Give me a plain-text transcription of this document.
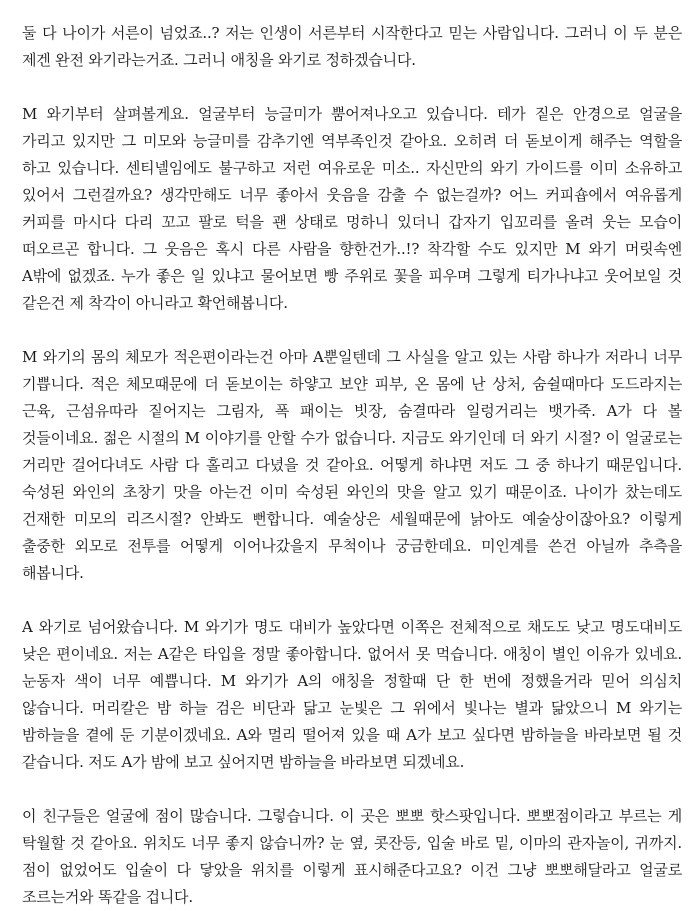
둘 다 나이가 서른이 넘었죠..? 저는 인생이 서른부터 시작한다고 믿는 사람입니다. 그러니 이 두 분은 제겐 완전 와기라는거죠. 그러니 애칭을 와기로 정하겠습니다.

M 와기부터 살펴볼게요. 얼굴부터 능글미가 뿜어져나오고 있습니다. 테가 짙은 안경으로 얼굴을 가리고 있지만 그 미모와 능글미를 감추기엔 역부족인것 같아요. 오히려 더 돋보이게 해주는 역할을 하고 있습니다. 센티넬임에도 불구하고 저런 여유로운 미소.. 자신만의 와기 가이드를 이미 소유하고 있어서 그런걸까요? 생각만해도 너무 좋아서 웃음을 감출 수 없는걸까? 어느 커피숍에서 여유롭게 커피를 마시다 다리 꼬고 팔로 턱을 괜 상태로 멍하니 있더니 갑자기 입꼬리를 올려 웃는 모습이 떠오르곤 합니다. 그 웃음은 혹시 다른 사람을 향한건가..!? 착각할 수도 있지만 M 와기 머릿속엔 A밖에 없겠죠. 누가 좋은 일 있냐고 물어보면 빵 주위로 꽃을 피우며 그렇게 티가나냐고 웃어보일 것 같은건 제 착각이 아니라고 확언해봅니다.

M 와기의 몸의 체모가 적은편이라는건 아마 A뿐일텐데 그 사실을 알고 있는 사람 하나가 저라니 너무 기쁩니다. 적은 체모때문에 더 돋보이는 하얗고 보얀 피부, 온 몸에 난 상처, 숨쉴때마다 도드라지는 근육, 근섬유따라 짙어지는 그림자, 폭 패이는 빗장, 숨결따라 일렁거리는 뱃가죽. A가 다 볼 것들이네요. 젊은 시절의 M 이야기를 안할 수가 없습니다. 지금도 와기인데 더 와기 시절? 이 얼굴로는 거리만 걸어다녀도 사람 다 홀리고 다녔을 것 같아요. 어떻게 하냐면 저도 그 중 하나기 때문입니다. 숙성된 와인의 초창기 맛을 아는건 이미 숙성된 와인의 맛을 알고 있기 때문이죠. 나이가 찼는데도 건재한 미모의 리즈시절? 안봐도 뻔합니다. 예술상은 세월때문에 낡아도 예술상이잖아요? 이렇게 출중한 외모로 전투를 어떻게 이어나갔을지 무척이나 궁금한데요. 미인계를 쓴건 아닐까 추측을 해봅니다.

A 와기로 넘어왔습니다. M 와기가 명도 대비가 높았다면 이쪽은 전체적으로 채도도 낮고 명도대비도 낮은 편이네요. 저는 A같은 타입을 정말 좋아합니다. 없어서 못 먹습니다. 애칭이 별인 이유가 있네요. 눈동자 색이 너무 예쁩니다. M 와기가 A의 애칭을 정할때 단 한 번에 정했을거라 믿어 의심치 않습니다. 머리칼은 밤 하늘 검은 비단과 닮고 눈빛은 그 위에서 빛나는 별과 닮았으니 M 와기는 밤하늘을 곁에 둔 기분이겠네요. A와 멀리 떨어져 있을 때 A가 보고 싶다면 밤하늘을 바라보면 될 것 같습니다. 저도 A가 밤에 보고 싶어지면 밤하늘을 바라보면 되겠네요.

이 친구들은 얼굴에 점이 많습니다. 그렇습니다. 이 곳은 뽀뽀 핫스팟입니다. 뽀뽀점이라고 부르는 게 탁월할 것 같아요. 위치도 너무 좋지 않습니까? 눈 옆, 콧잔등, 입술 바로 밑, 이마의 관자놀이, 귀까지. 점이 없었어도 입술이 다 닿았을 위치를 이렇게 표시해준다고요? 이건 그냥 뽀뽀해달라고 얼굴로 조르는거와 똑같을 겁니다.
